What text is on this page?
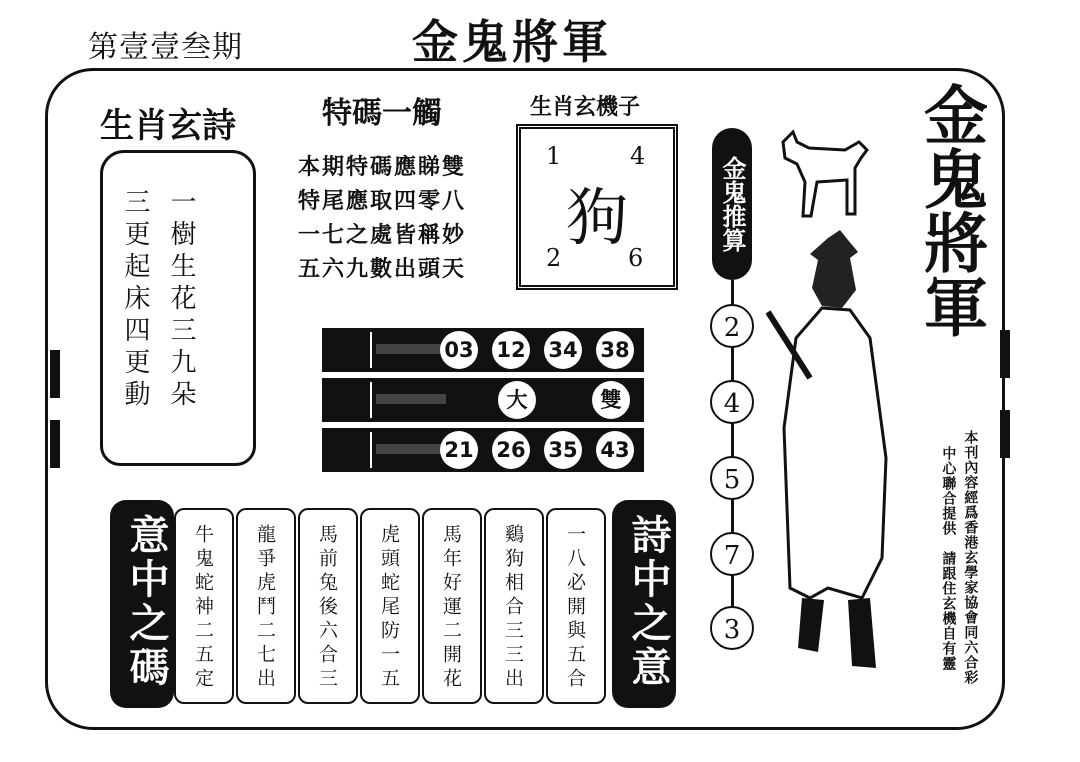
第壹壹叁期	金鬼將軍
生肖玄詩
一樹生花三九朵
三更起床四更動
特碼一觸
本期特碼應睇雙
特尾應取四零八
一七之處皆稱妙
五六九數出頭天
生肖玄機子
1	4
2	6
狗
03 12 34 38
大	雙
21 26 35 43
金鬼推算
2
4
5
7
3
金鬼將軍
本刊內容經爲香港玄學家協會同六合彩
中心聯合提供　請跟住玄機自有靈
意中之碼	牛鬼蛇神二五定 龍爭虎鬥二七出 馬前兔後六合三 虎頭蛇尾防一五 馬年好運二開花 鷄狗相合三三出 一八必開與五合 詩中之意
